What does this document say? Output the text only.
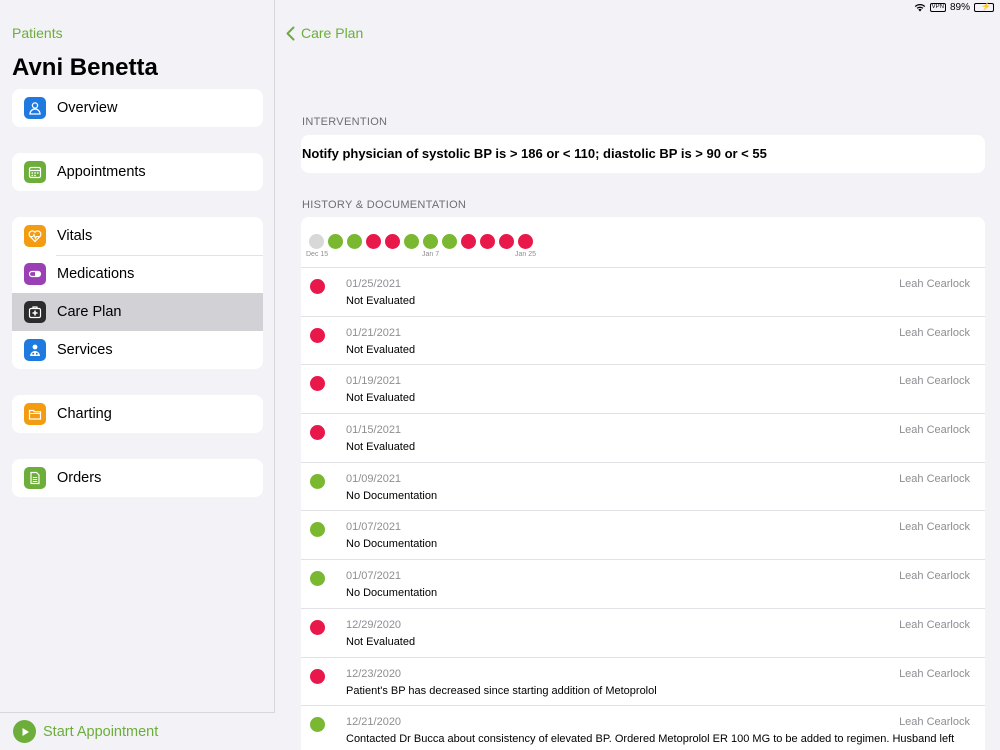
VPN 89% ⚡
Patients
Avni Benetta
Overview
Appointments
Vitals
Medications
Care Plan
Services
Charting
Orders
Start Appointment
Care Plan
INTERVENTION
Notify physician of systolic BP is > 186 or < 110; diastolic BP is > 90 or < 55
HISTORY & DOCUMENTATION
Dec 15	Jan 7	Jan 25
01/25/2021	Leah Cearlock
Not Evaluated
01/21/2021	Leah Cearlock
Not Evaluated
01/19/2021	Leah Cearlock
Not Evaluated
01/15/2021	Leah Cearlock
Not Evaluated
01/09/2021	Leah Cearlock
No Documentation
01/07/2021	Leah Cearlock
No Documentation
01/07/2021	Leah Cearlock
No Documentation
12/29/2020	Leah Cearlock
Not Evaluated
12/23/2020	Leah Cearlock
Patient's BP has decreased since starting addition of Metoprolol
12/21/2020	Leah Cearlock
Contacted Dr Bucca about consistency of elevated BP. Ordered Metoprolol ER 100 MG to be added to regimen. Husband left
